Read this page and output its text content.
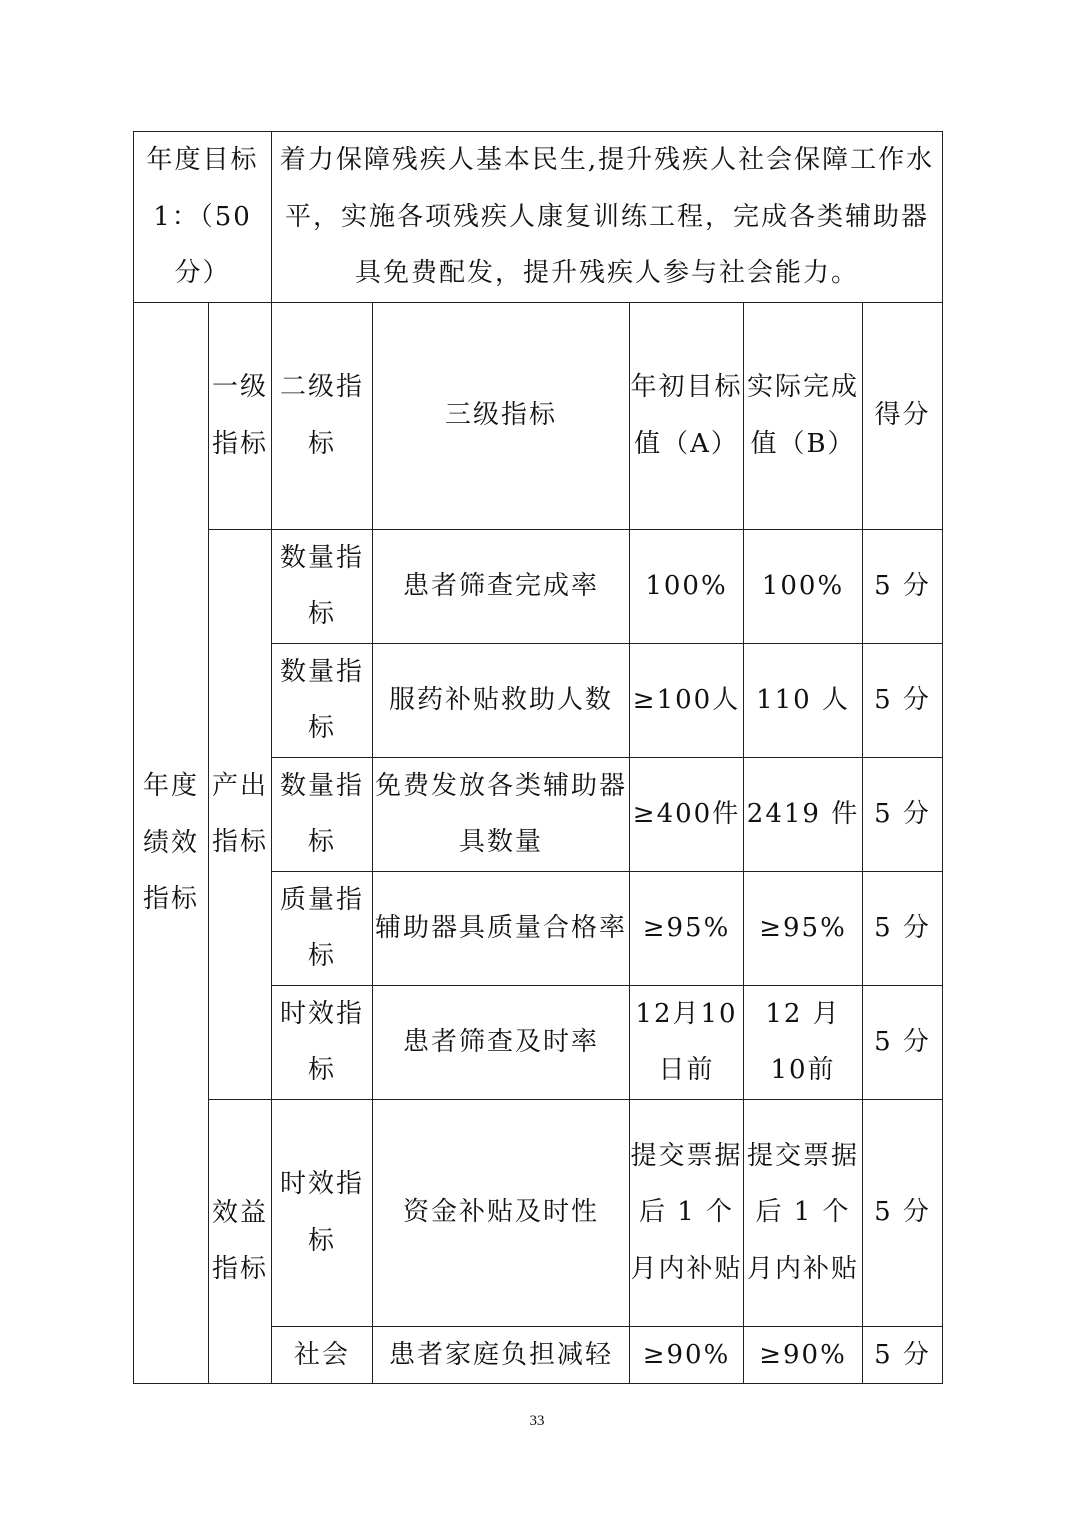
年度目标1：（50分）		着力保障残疾人基本民生,提升残疾人社会保障工作水平，实施各项残疾人康复训练工程，完成各类辅助器具免费配发，提升残疾人参与社会能力。				
年度绩效指标	一级指标	二级指标	三级指标	年初目标值（A）	实际完成值（B）	得分
	产出指标	数量指标	患者筛查完成率	100%	100%	5 分
		数量指标	服药补贴救助人数	≥100人	110 人	5 分
		数量指标	免费发放各类辅助器具数量	≥400件	2419 件	5 分
		质量指标	辅助器具质量合格率	≥95%	≥95%	5 分
		时效指标	患者筛查及时率	12月10日前	12 月 10前	5 分
	效益指标	时效指标	资金补贴及时性	提交票据后 1 个月内补贴	提交票据后 1 个月内补贴	5 分
		社会	患者家庭负担减轻	≥90%	≥90%	5 分
33
